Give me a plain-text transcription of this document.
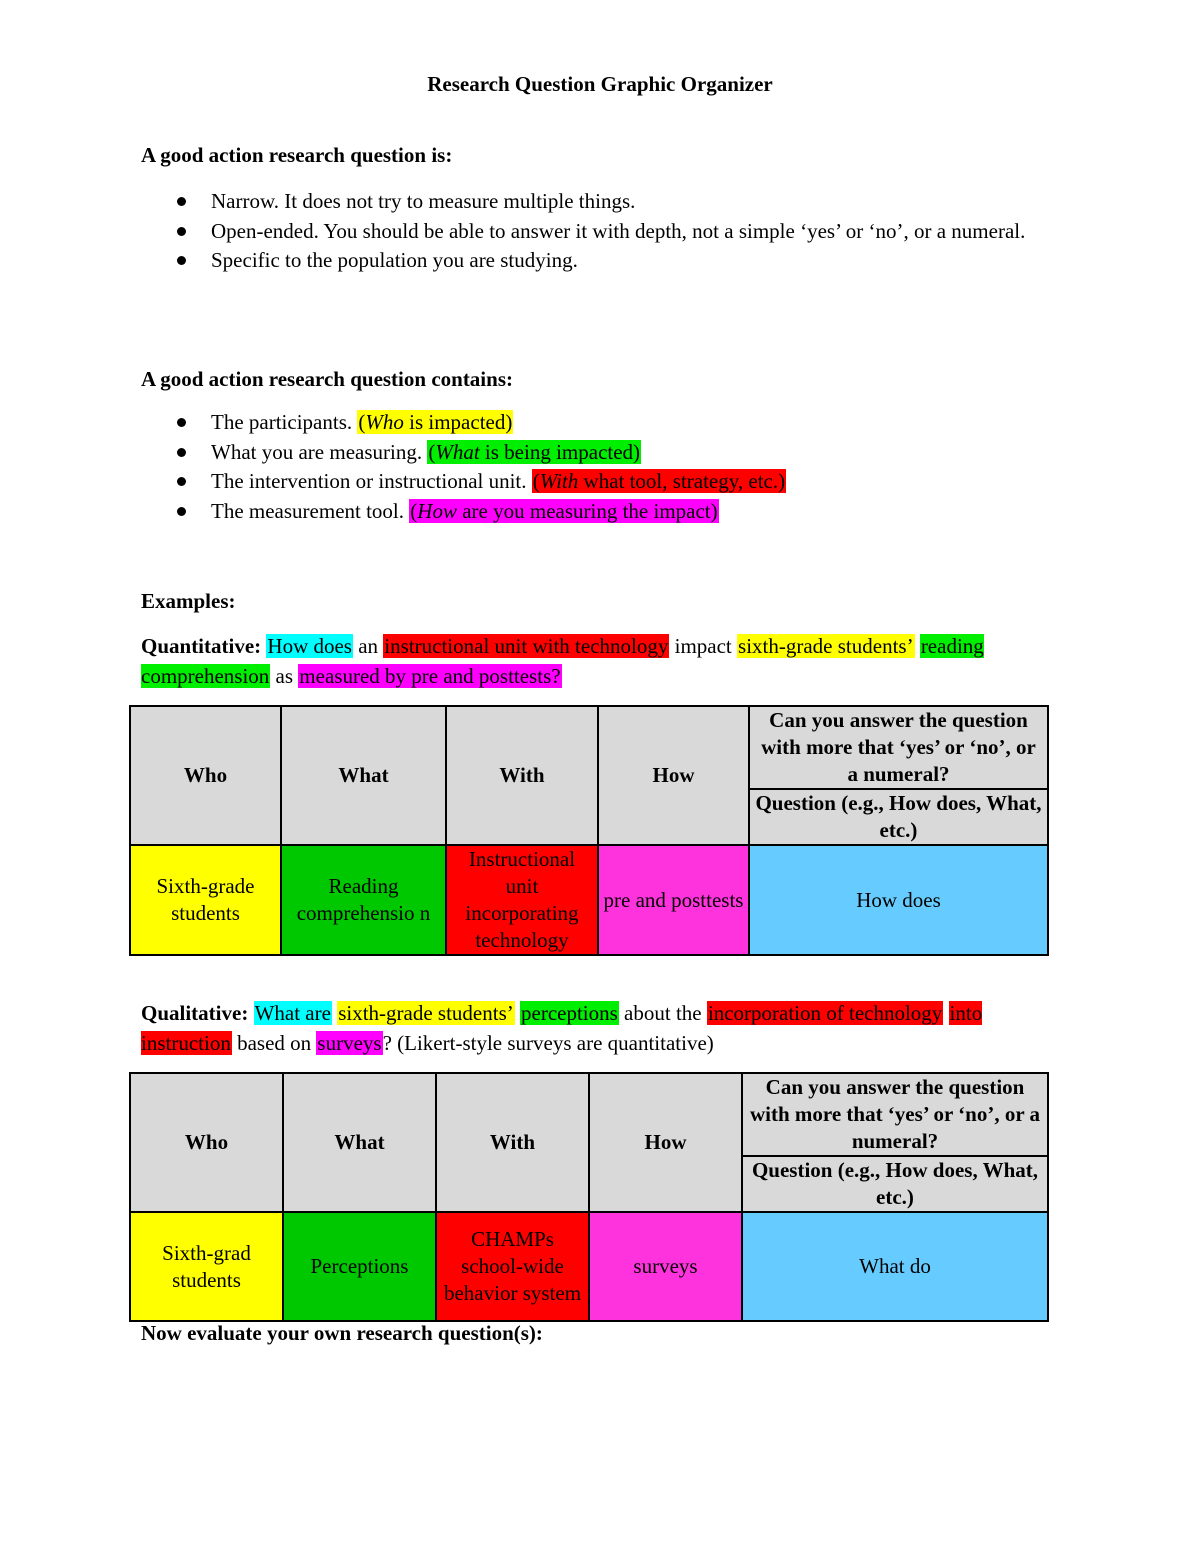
Research Question Graphic Organizer
A good action research question is:
Narrow. It does not try to measure multiple things.
Open-ended. You should be able to answer it with depth, not a simple ‘yes’ or ‘no’, or a numeral.
Specific to the population you are studying.
A good action research question contains:
The participants. (Who is impacted)
What you are measuring. (What is being impacted)
The intervention or instructional unit. (With what tool, strategy, etc.)
The measurement tool. (How are you measuring the impact)
Examples:
Quantitative: How does an instructional unit with technology impact sixth-grade students’ reading comprehension as measured by pre and posttests?
Who	What	With	How	Can you answer the question with more that ‘yes’ or ‘no’, or a numeral?
				Question (e.g., How does, What, etc.)
Sixth-grade students	Reading comprehensio n	Instructional unit incorporating technology	pre and posttests	How does
Qualitative: What are sixth-grade students’ perceptions about the incorporation of technology into instruction based on surveys? (Likert-style surveys are quantitative)
Who	What	With	How	Can you answer the question with more that ‘yes’ or ‘no’, or a numeral?
				Question (e.g., How does, What, etc.)
Sixth-grad students	Perceptions	CHAMPs school-wide behavior system	surveys	What do
Now evaluate your own research question(s):
